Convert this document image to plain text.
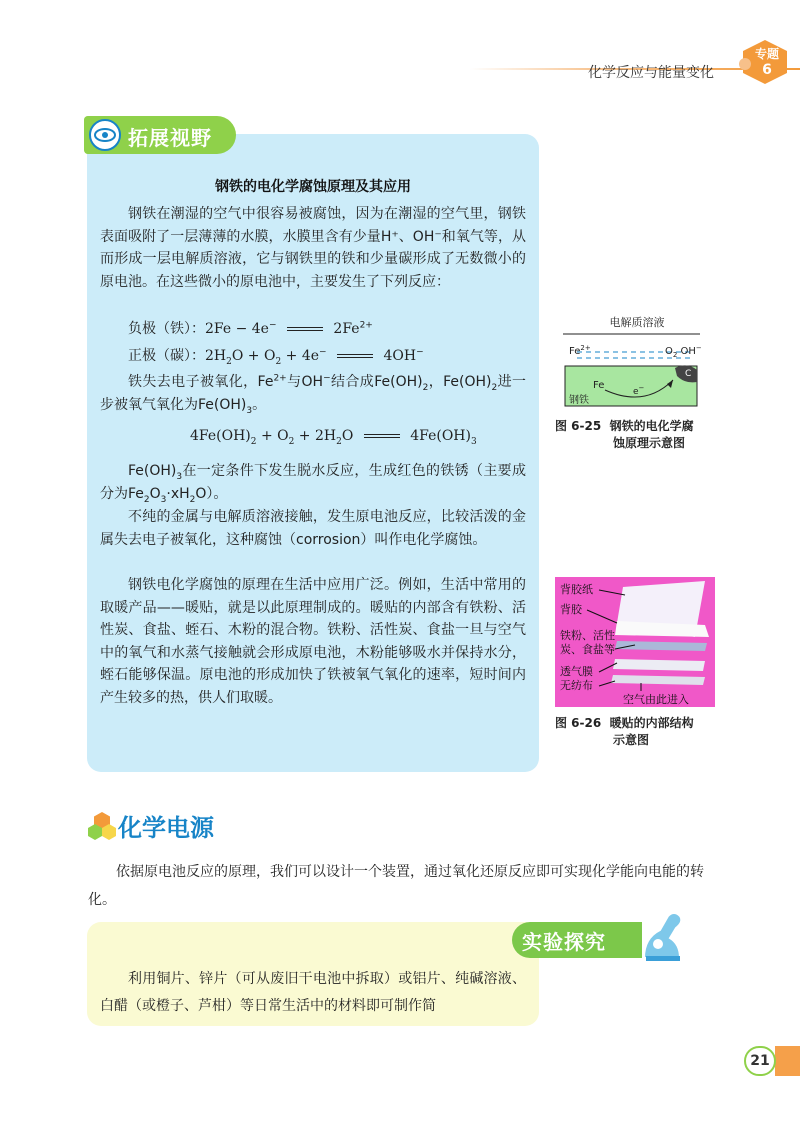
化学反应与能量变化
专题
6
拓展视野
钢铁的电化学腐蚀原理及其应用
钢铁在潮湿的空气中很容易被腐蚀，因为在潮湿的空气里，钢铁表面吸附了一层薄薄的水膜，水膜里含有少量H⁺、OH⁻和氧气等，从而形成一层电解质溶液，它与钢铁里的铁和少量碳形成了无数微小的原电池。在这些微小的原电池中，主要发生了下列反应：
负极（铁）：2Fe − 4e−	$2Fe^{2+}$
正极（碳）：$2H_2O + O_2 + 4e^-$	4OH−
铁失去电子被氧化，$Fe^{2+}$与OH−结合成$Fe(OH)_2$，$Fe(OH)_2$进一步被氧气氧化为$Fe(OH)_3$。
$4Fe(OH)_2 + O_2 + 2H_2O$	$4Fe(OH)_3$
$Fe(OH)_3$在一定条件下发生脱水反应，生成红色的铁锈（主要成分为$Fe_2O_3\cdot xH_2O$）。
不纯的金属与电解质溶液接触，发生原电池反应，比较活泼的金属失去电子被氧化，这种腐蚀（corrosion）叫作电化学腐蚀。
钢铁电化学腐蚀的原理在生活中应用广泛。例如，生活中常用的取暖产品——暖贴，就是以此原理制成的。暖贴的内部含有铁粉、活性炭、食盐、蛭石、木粉的混合物。铁粉、活性炭、食盐一旦与空气中的氧气和水蒸气接触就会形成原电池，木粉能够吸水并保持水分，蛭石能够保温。原电池的形成加快了铁被氧气氧化的速率，短时间内产生较多的热，供人们取暖。
电解质溶液
$Fe^{2+}$	$O_2$ OH−
C
e−
Fe
钢铁
图 6-25 钢铁的电化学腐
蚀原理示意图
背胶纸
背胶
铁粉、活性
炭、食盐等
透气膜
无纺布
空气由此进入
图 6-26 暖贴的内部结构
示意图
化学电源
依据原电池反应的原理，我们可以设计一个装置，通过氧化还原反应即可实现化学能向电能的转化。
实验探究
利用铜片、锌片（可从废旧干电池中拆取）或铝片、纯碱溶液、白醋（或橙子、芦柑）等日常生活中的材料即可制作简
21
